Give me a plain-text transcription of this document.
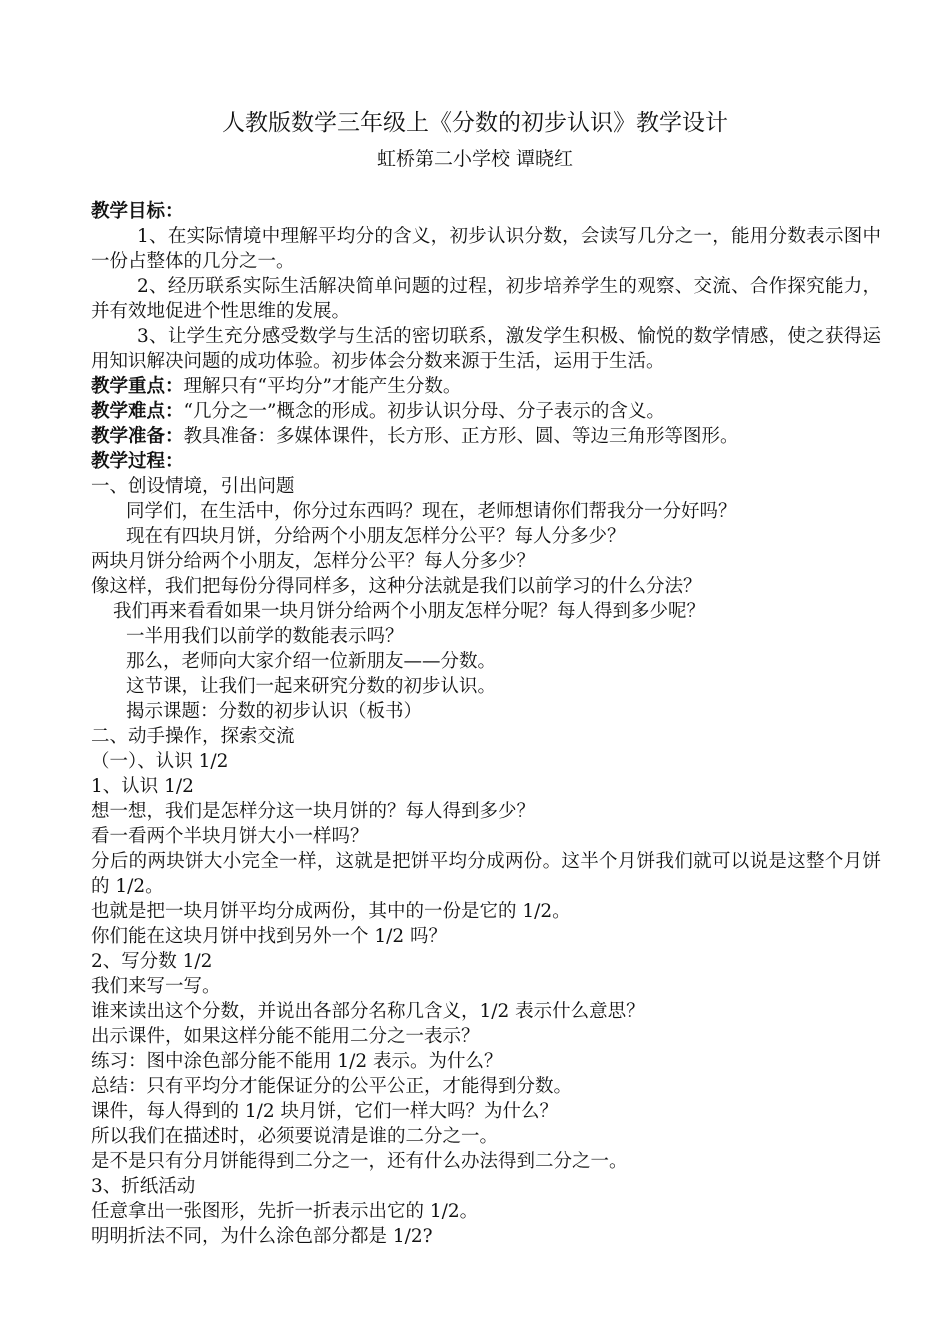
人教版数学三年级上《分数的初步认识》教学设计
虹桥第二小学校 谭晓红

教学目标：

1、在实际情境中理解平均分的含义，初步认识分数，会读写几分之一，能用分数表示图中一份占整体的几分之一。

2、经历联系实际生活解决简单问题的过程，初步培养学生的观察、交流、合作探究能力，并有效地促进个性思维的发展。

3、让学生充分感受数学与生活的密切联系，激发学生积极、愉悦的数学情感，使之获得运用知识解决问题的成功体验。初步体会分数来源于生活，运用于生活。

教学重点：理解只有“平均分”才能产生分数。

教学难点：“几分之一”概念的形成。初步认识分母、分子表示的含义。

教学准备：教具准备：多媒体课件，长方形、正方形、圆、等边三角形等图形。

教学过程：

一、创设情境，引出问题

同学们，在生活中，你分过东西吗？现在，老师想请你们帮我分一分好吗？

现在有四块月饼，分给两个小朋友怎样分公平？每人分多少？

两块月饼分给两个小朋友，怎样分公平？每人分多少？

像这样，我们把每份分得同样多，这种分法就是我们以前学习的什么分法？

我们再来看看如果一块月饼分给两个小朋友怎样分呢？每人得到多少呢？

一半用我们以前学的数能表示吗？

那么，老师向大家介绍一位新朋友——分数。

这节课，让我们一起来研究分数的初步认识。

揭示课题：分数的初步认识（板书）

二、动手操作，探索交流

（一）、认识 1/2

1、认识 1/2

想一想，我们是怎样分这一块月饼的？每人得到多少？

看一看两个半块月饼大小一样吗？

分后的两块饼大小完全一样，这就是把饼平均分成两份。这半个月饼我们就可以说是这整个月饼的 1/2。

也就是把一块月饼平均分成两份，其中的一份是它的 1/2。

你们能在这块月饼中找到另外一个 1/2 吗？

2、写分数 1/2

我们来写一写。

谁来读出这个分数，并说出各部分名称几含义，1/2 表示什么意思？

出示课件，如果这样分能不能用二分之一表示？

练习：图中涂色部分能不能用 1/2 表示。为什么？

总结：只有平均分才能保证分的公平公正，才能得到分数。

课件，每人得到的 1/2 块月饼，它们一样大吗？为什么？

所以我们在描述时，必须要说清是谁的二分之一。

是不是只有分月饼能得到二分之一，还有什么办法得到二分之一。

3、折纸活动

任意拿出一张图形，先折一折表示出它的 1/2。

明明折法不同，为什么涂色部分都是 1/2?
